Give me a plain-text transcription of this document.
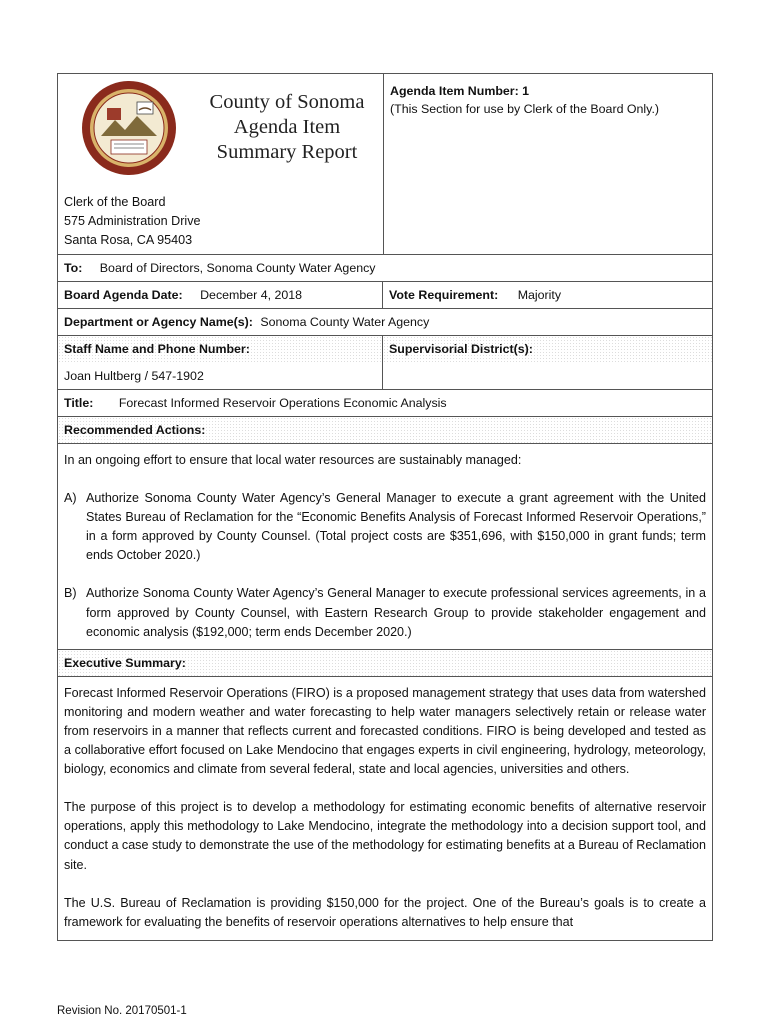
County of Sonoma
Agenda Item
Summary Report
Clerk of the Board
575 Administration Drive
Santa Rosa, CA 95403
Agenda Item Number: 1
(This Section for use by Clerk of the Board Only.)
To: Board of Directors, Sonoma County Water Agency
Board Agenda Date: December 4, 2018	Vote Requirement: Majority
Department or Agency Name(s): Sonoma County Water Agency
Staff Name and Phone Number:
Joan Hultberg / 547-1902
Supervisorial District(s):
Title: Forecast Informed Reservoir Operations Economic Analysis
Recommended Actions:
In an ongoing effort to ensure that local water resources are sustainably managed:
A) Authorize Sonoma County Water Agency’s General Manager to execute a grant agreement with the United States Bureau of Reclamation for the “Economic Benefits Analysis of Forecast Informed Reservoir Operations,” in a form approved by County Counsel. (Total project costs are $351,696, with $150,000 in grant funds; term ends October 2020.)
B) Authorize Sonoma County Water Agency’s General Manager to execute professional services agreements, in a form approved by County Counsel, with Eastern Research Group to provide stakeholder engagement and economic analysis ($192,000; term ends December 2020.)
Executive Summary:
Forecast Informed Reservoir Operations (FIRO) is a proposed management strategy that uses data from watershed monitoring and modern weather and water forecasting to help water managers selectively retain or release water from reservoirs in a manner that reflects current and forecasted conditions. FIRO is being developed and tested as a collaborative effort focused on Lake Mendocino that engages experts in civil engineering, hydrology, meteorology, biology, economics and climate from several federal, state and local agencies, universities and others.
The purpose of this project is to develop a methodology for estimating economic benefits of alternative reservoir operations, apply this methodology to Lake Mendocino, integrate the methodology into a decision support tool, and conduct a case study to demonstrate the use of the methodology for estimating benefits at a Bureau of Reclamation site.
The U.S. Bureau of Reclamation is providing $150,000 for the project. One of the Bureau’s goals is to create a framework for evaluating the benefits of reservoir operations alternatives to help ensure that
Revision No. 20170501-1
